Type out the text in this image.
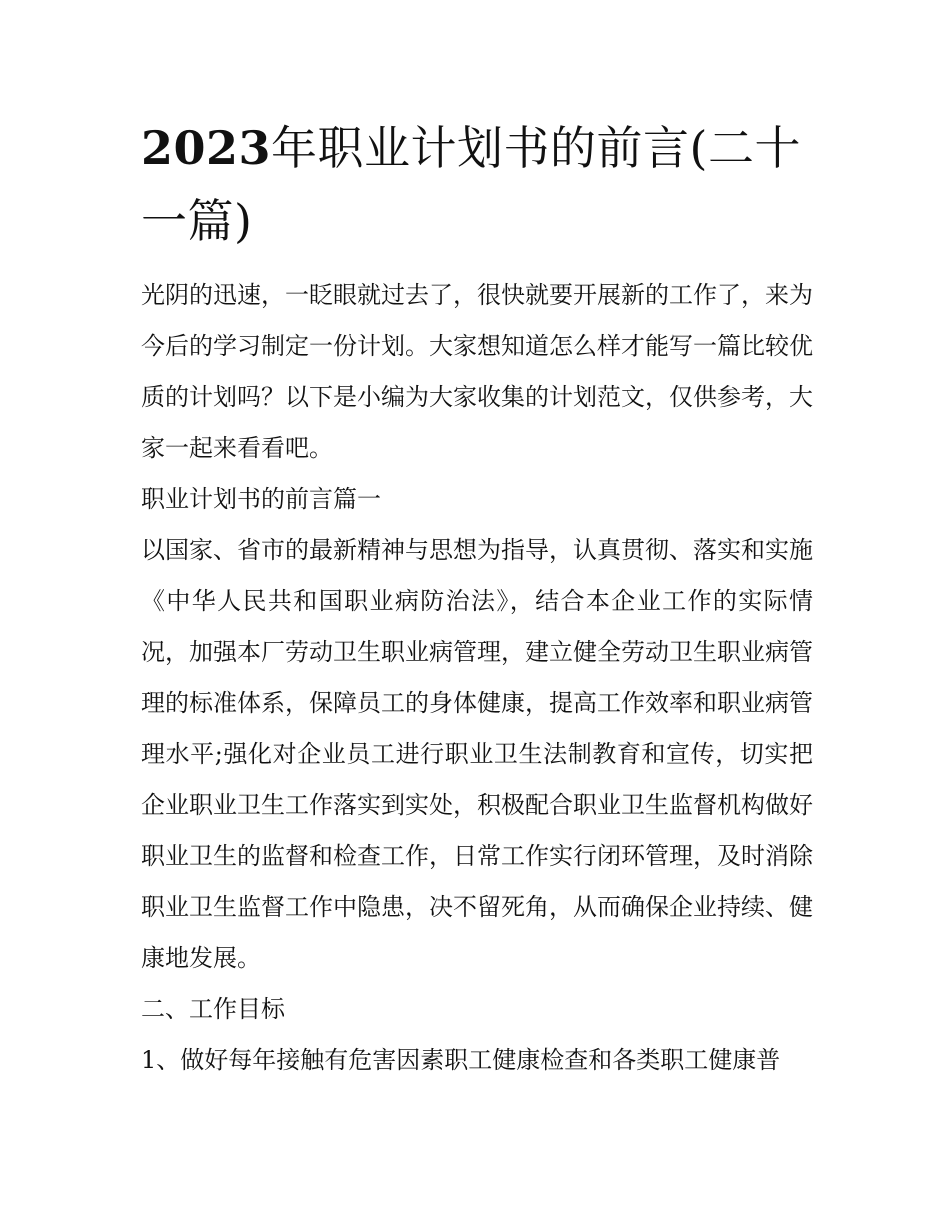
2023年职业计划书的前言(二十一篇)

光阴的迅速，一眨眼就过去了，很快就要开展新的工作了，来为今后的学习制定一份计划。大家想知道怎么样才能写一篇比较优质的计划吗？以下是小编为大家收集的计划范文，仅供参考，大家一起来看看吧。

职业计划书的前言篇一

以国家、省市的最新精神与思想为指导，认真贯彻、落实和实施《中华人民共和国职业病防治法》，结合本企业工作的实际情况，加强本厂劳动卫生职业病管理，建立健全劳动卫生职业病管理的标准体系，保障员工的身体健康，提高工作效率和职业病管理水平;强化对企业员工进行职业卫生法制教育和宣传，切实把企业职业卫生工作落实到实处，积极配合职业卫生监督机构做好职业卫生的监督和检查工作，日常工作实行闭环管理，及时消除职业卫生监督工作中隐患，决不留死角，从而确保企业持续、健康地发展。

二、工作目标

1、做好每年接触有危害因素职工健康检查和各类职工健康普
